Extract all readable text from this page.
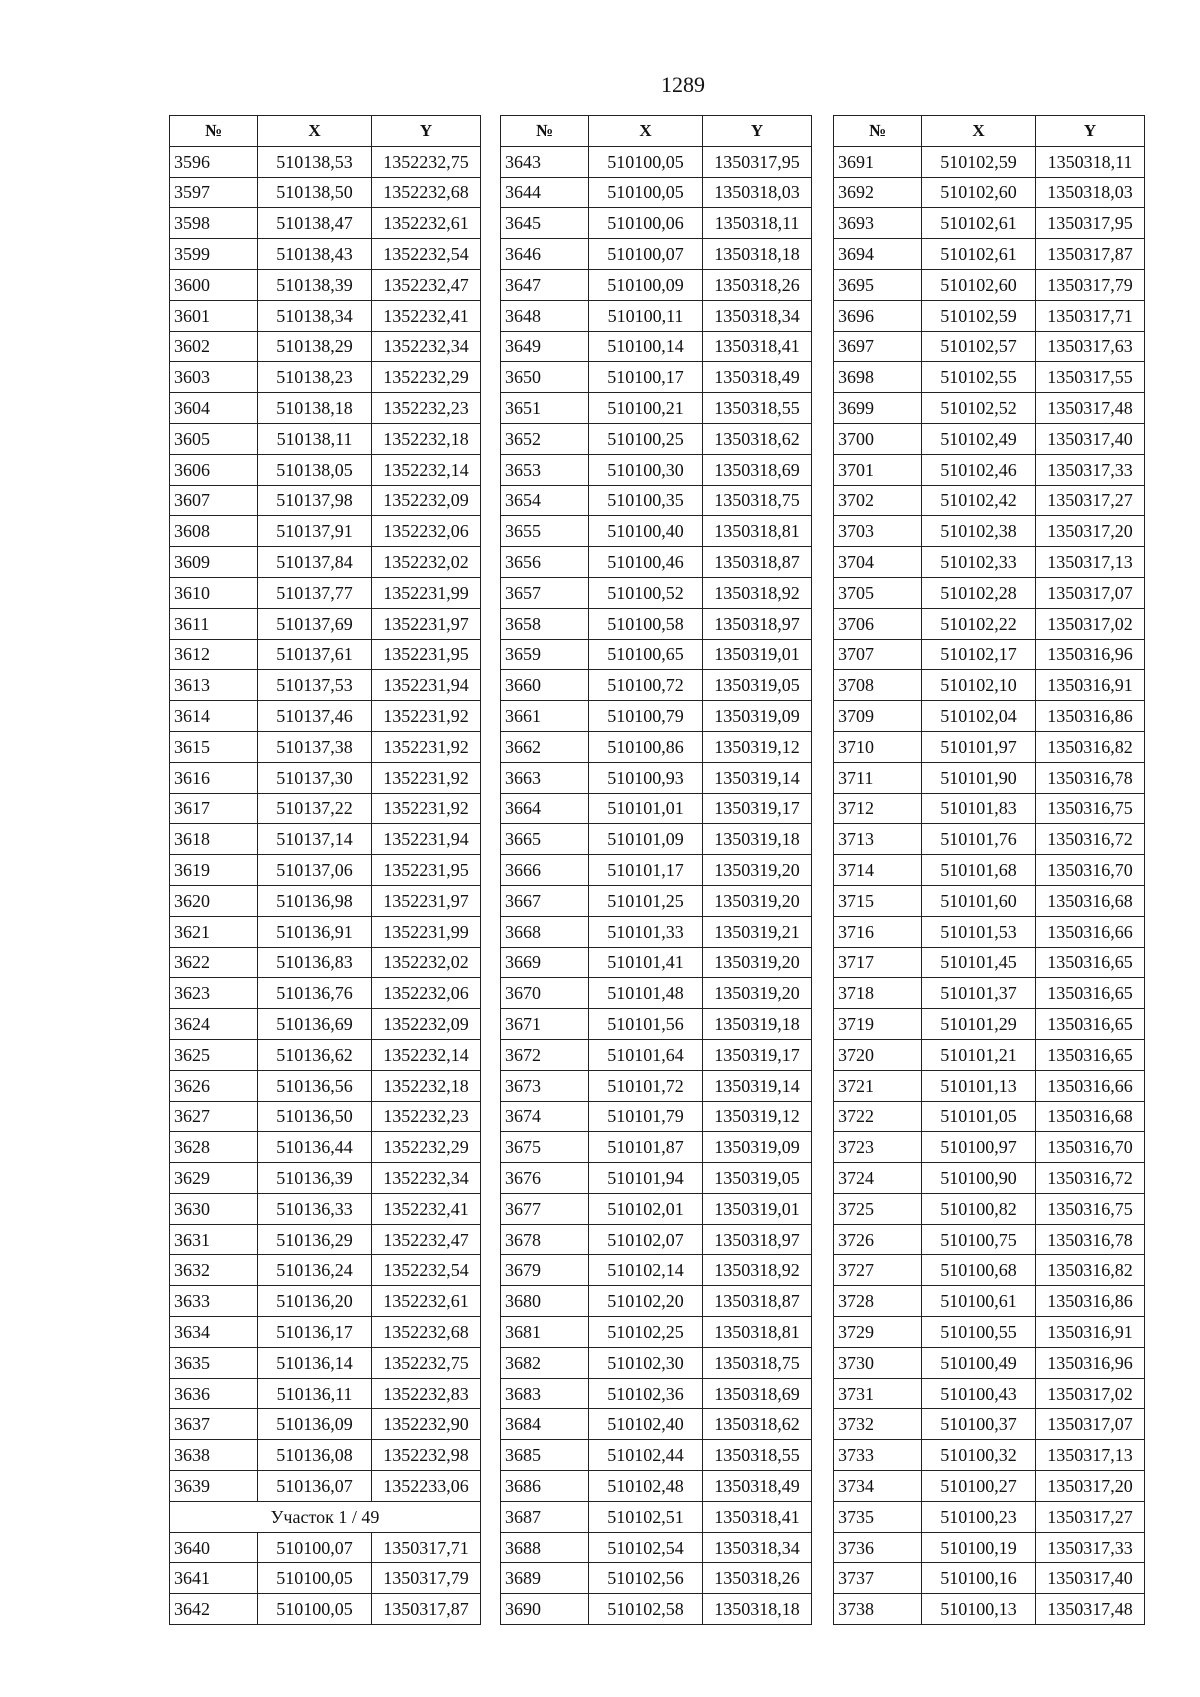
1289
№	X	Y
3596	510138,53	1352232,75
3597	510138,50	1352232,68
3598	510138,47	1352232,61
3599	510138,43	1352232,54
3600	510138,39	1352232,47
3601	510138,34	1352232,41
3602	510138,29	1352232,34
3603	510138,23	1352232,29
3604	510138,18	1352232,23
3605	510138,11	1352232,18
3606	510138,05	1352232,14
3607	510137,98	1352232,09
3608	510137,91	1352232,06
3609	510137,84	1352232,02
3610	510137,77	1352231,99
3611	510137,69	1352231,97
3612	510137,61	1352231,95
3613	510137,53	1352231,94
3614	510137,46	1352231,92
3615	510137,38	1352231,92
3616	510137,30	1352231,92
3617	510137,22	1352231,92
3618	510137,14	1352231,94
3619	510137,06	1352231,95
3620	510136,98	1352231,97
3621	510136,91	1352231,99
3622	510136,83	1352232,02
3623	510136,76	1352232,06
3624	510136,69	1352232,09
3625	510136,62	1352232,14
3626	510136,56	1352232,18
3627	510136,50	1352232,23
3628	510136,44	1352232,29
3629	510136,39	1352232,34
3630	510136,33	1352232,41
3631	510136,29	1352232,47
3632	510136,24	1352232,54
3633	510136,20	1352232,61
3634	510136,17	1352232,68
3635	510136,14	1352232,75
3636	510136,11	1352232,83
3637	510136,09	1352232,90
3638	510136,08	1352232,98
3639	510136,07	1352233,06
Участок 1 / 49		
3640	510100,07	1350317,71
3641	510100,05	1350317,79
3642	510100,05	1350317,87
№	X	Y
3643	510100,05	1350317,95
3644	510100,05	1350318,03
3645	510100,06	1350318,11
3646	510100,07	1350318,18
3647	510100,09	1350318,26
3648	510100,11	1350318,34
3649	510100,14	1350318,41
3650	510100,17	1350318,49
3651	510100,21	1350318,55
3652	510100,25	1350318,62
3653	510100,30	1350318,69
3654	510100,35	1350318,75
3655	510100,40	1350318,81
3656	510100,46	1350318,87
3657	510100,52	1350318,92
3658	510100,58	1350318,97
3659	510100,65	1350319,01
3660	510100,72	1350319,05
3661	510100,79	1350319,09
3662	510100,86	1350319,12
3663	510100,93	1350319,14
3664	510101,01	1350319,17
3665	510101,09	1350319,18
3666	510101,17	1350319,20
3667	510101,25	1350319,20
3668	510101,33	1350319,21
3669	510101,41	1350319,20
3670	510101,48	1350319,20
3671	510101,56	1350319,18
3672	510101,64	1350319,17
3673	510101,72	1350319,14
3674	510101,79	1350319,12
3675	510101,87	1350319,09
3676	510101,94	1350319,05
3677	510102,01	1350319,01
3678	510102,07	1350318,97
3679	510102,14	1350318,92
3680	510102,20	1350318,87
3681	510102,25	1350318,81
3682	510102,30	1350318,75
3683	510102,36	1350318,69
3684	510102,40	1350318,62
3685	510102,44	1350318,55
3686	510102,48	1350318,49
3687	510102,51	1350318,41
3688	510102,54	1350318,34
3689	510102,56	1350318,26
3690	510102,58	1350318,18
№	X	Y
3691	510102,59	1350318,11
3692	510102,60	1350318,03
3693	510102,61	1350317,95
3694	510102,61	1350317,87
3695	510102,60	1350317,79
3696	510102,59	1350317,71
3697	510102,57	1350317,63
3698	510102,55	1350317,55
3699	510102,52	1350317,48
3700	510102,49	1350317,40
3701	510102,46	1350317,33
3702	510102,42	1350317,27
3703	510102,38	1350317,20
3704	510102,33	1350317,13
3705	510102,28	1350317,07
3706	510102,22	1350317,02
3707	510102,17	1350316,96
3708	510102,10	1350316,91
3709	510102,04	1350316,86
3710	510101,97	1350316,82
3711	510101,90	1350316,78
3712	510101,83	1350316,75
3713	510101,76	1350316,72
3714	510101,68	1350316,70
3715	510101,60	1350316,68
3716	510101,53	1350316,66
3717	510101,45	1350316,65
3718	510101,37	1350316,65
3719	510101,29	1350316,65
3720	510101,21	1350316,65
3721	510101,13	1350316,66
3722	510101,05	1350316,68
3723	510100,97	1350316,70
3724	510100,90	1350316,72
3725	510100,82	1350316,75
3726	510100,75	1350316,78
3727	510100,68	1350316,82
3728	510100,61	1350316,86
3729	510100,55	1350316,91
3730	510100,49	1350316,96
3731	510100,43	1350317,02
3732	510100,37	1350317,07
3733	510100,32	1350317,13
3734	510100,27	1350317,20
3735	510100,23	1350317,27
3736	510100,19	1350317,33
3737	510100,16	1350317,40
3738	510100,13	1350317,48
